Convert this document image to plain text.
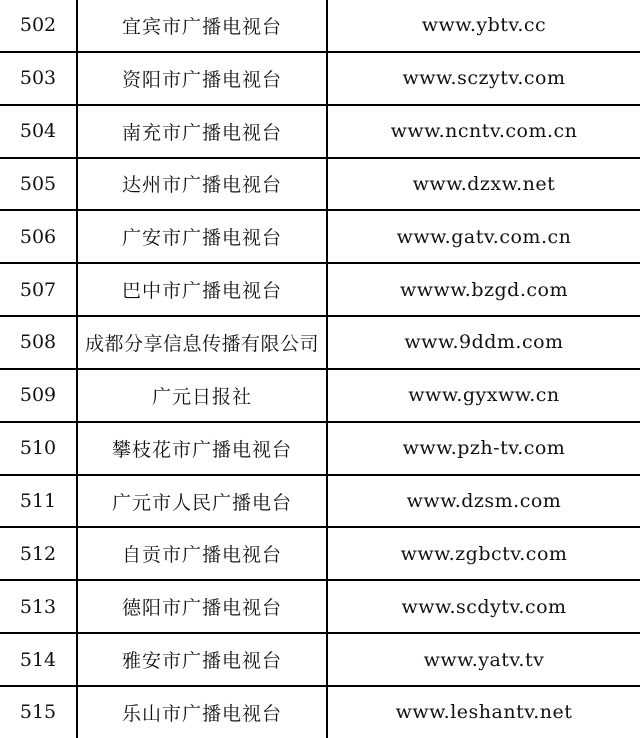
502	宜宾市广播电视台	www.ybtv.cc
503	资阳市广播电视台	www.sczytv.com
504	南充市广播电视台	www.ncntv.com.cn
505	达州市广播电视台	www.dzxw.net
506	广安市广播电视台	www.gatv.com.cn
507	巴中市广播电视台	wwww.bzgd.com
508	成都分享信息传播有限公司	www.9ddm.com
509	广元日报社	www.gyxww.cn
510	攀枝花市广播电视台	www.pzh-tv.com
511	广元市人民广播电台	www.dzsm.com
512	自贡市广播电视台	www.zgbctv.com
513	德阳市广播电视台	www.scdytv.com
514	雅安市广播电视台	www.yatv.tv
515	乐山市广播电视台	www.leshantv.net
